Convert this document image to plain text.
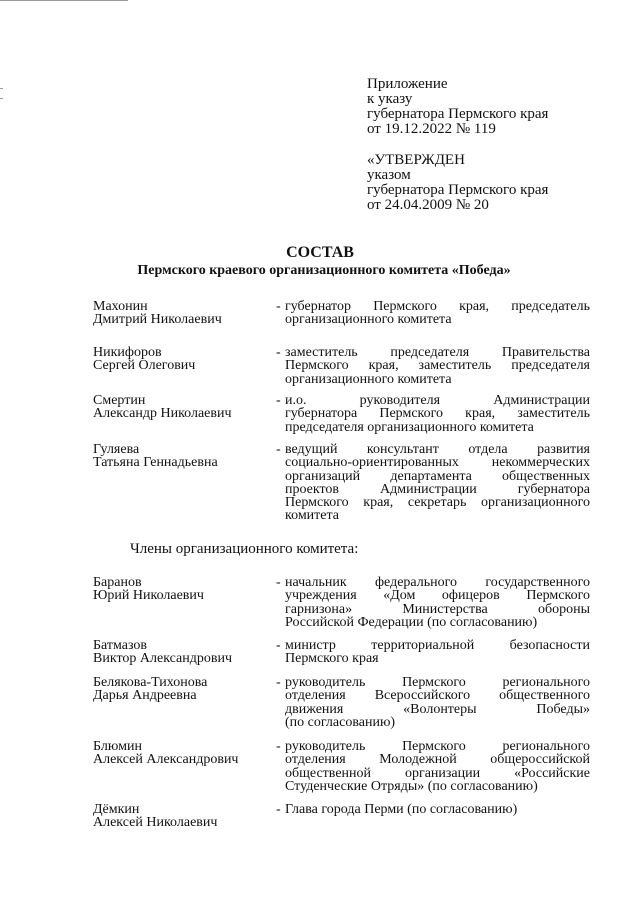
Приложение
к указу
губернатора Пермского края
от 19.12.2022 № 119
«УТВЕРЖДЕН
указом
губернатора Пермского края
от 24.04.2009 № 20
СОСТАВ
Пермского краевого организационного комитета «Победа»
Махонин
Дмитрий Николаевич
- губернатор Пермского края, председатель
организационного комитета
Никифоров
Сергей Олегович
- заместитель председателя Правительства
Пермского края, заместитель председателя
организационного комитета
Смертин
Александр Николаевич
- и.о. руководителя Администрации
губернатора Пермского края, заместитель
председателя организационного комитета
Гуляева
Татьяна Геннадьевна
- ведущий консультант отдела развития
социально-ориентированных некоммерческих
организаций департамента общественных
проектов Администрации губернатора
Пермского края, секретарь организационного
комитета
Члены организационного комитета:
Баранов
Юрий Николаевич
- начальник федерального государственного
учреждения «Дом офицеров Пермского
гарнизона» Министерства обороны
Российской Федерации (по согласованию)
Батмазов
Виктор Александрович
- министр территориальной безопасности
Пермского края
Белякова-Тихонова
Дарья Андреевна
- руководитель Пермского регионального
отделения Всероссийского общественного
движения «Волонтеры Победы»
(по согласованию)
Блюмин
Алексей Александрович
- руководитель Пермского регионального
отделения Молодежной общероссийской
общественной организации «Российские
Студенческие Отряды» (по согласованию)
Дёмкин
Алексей Николаевич
- Глава города Перми (по согласованию)
